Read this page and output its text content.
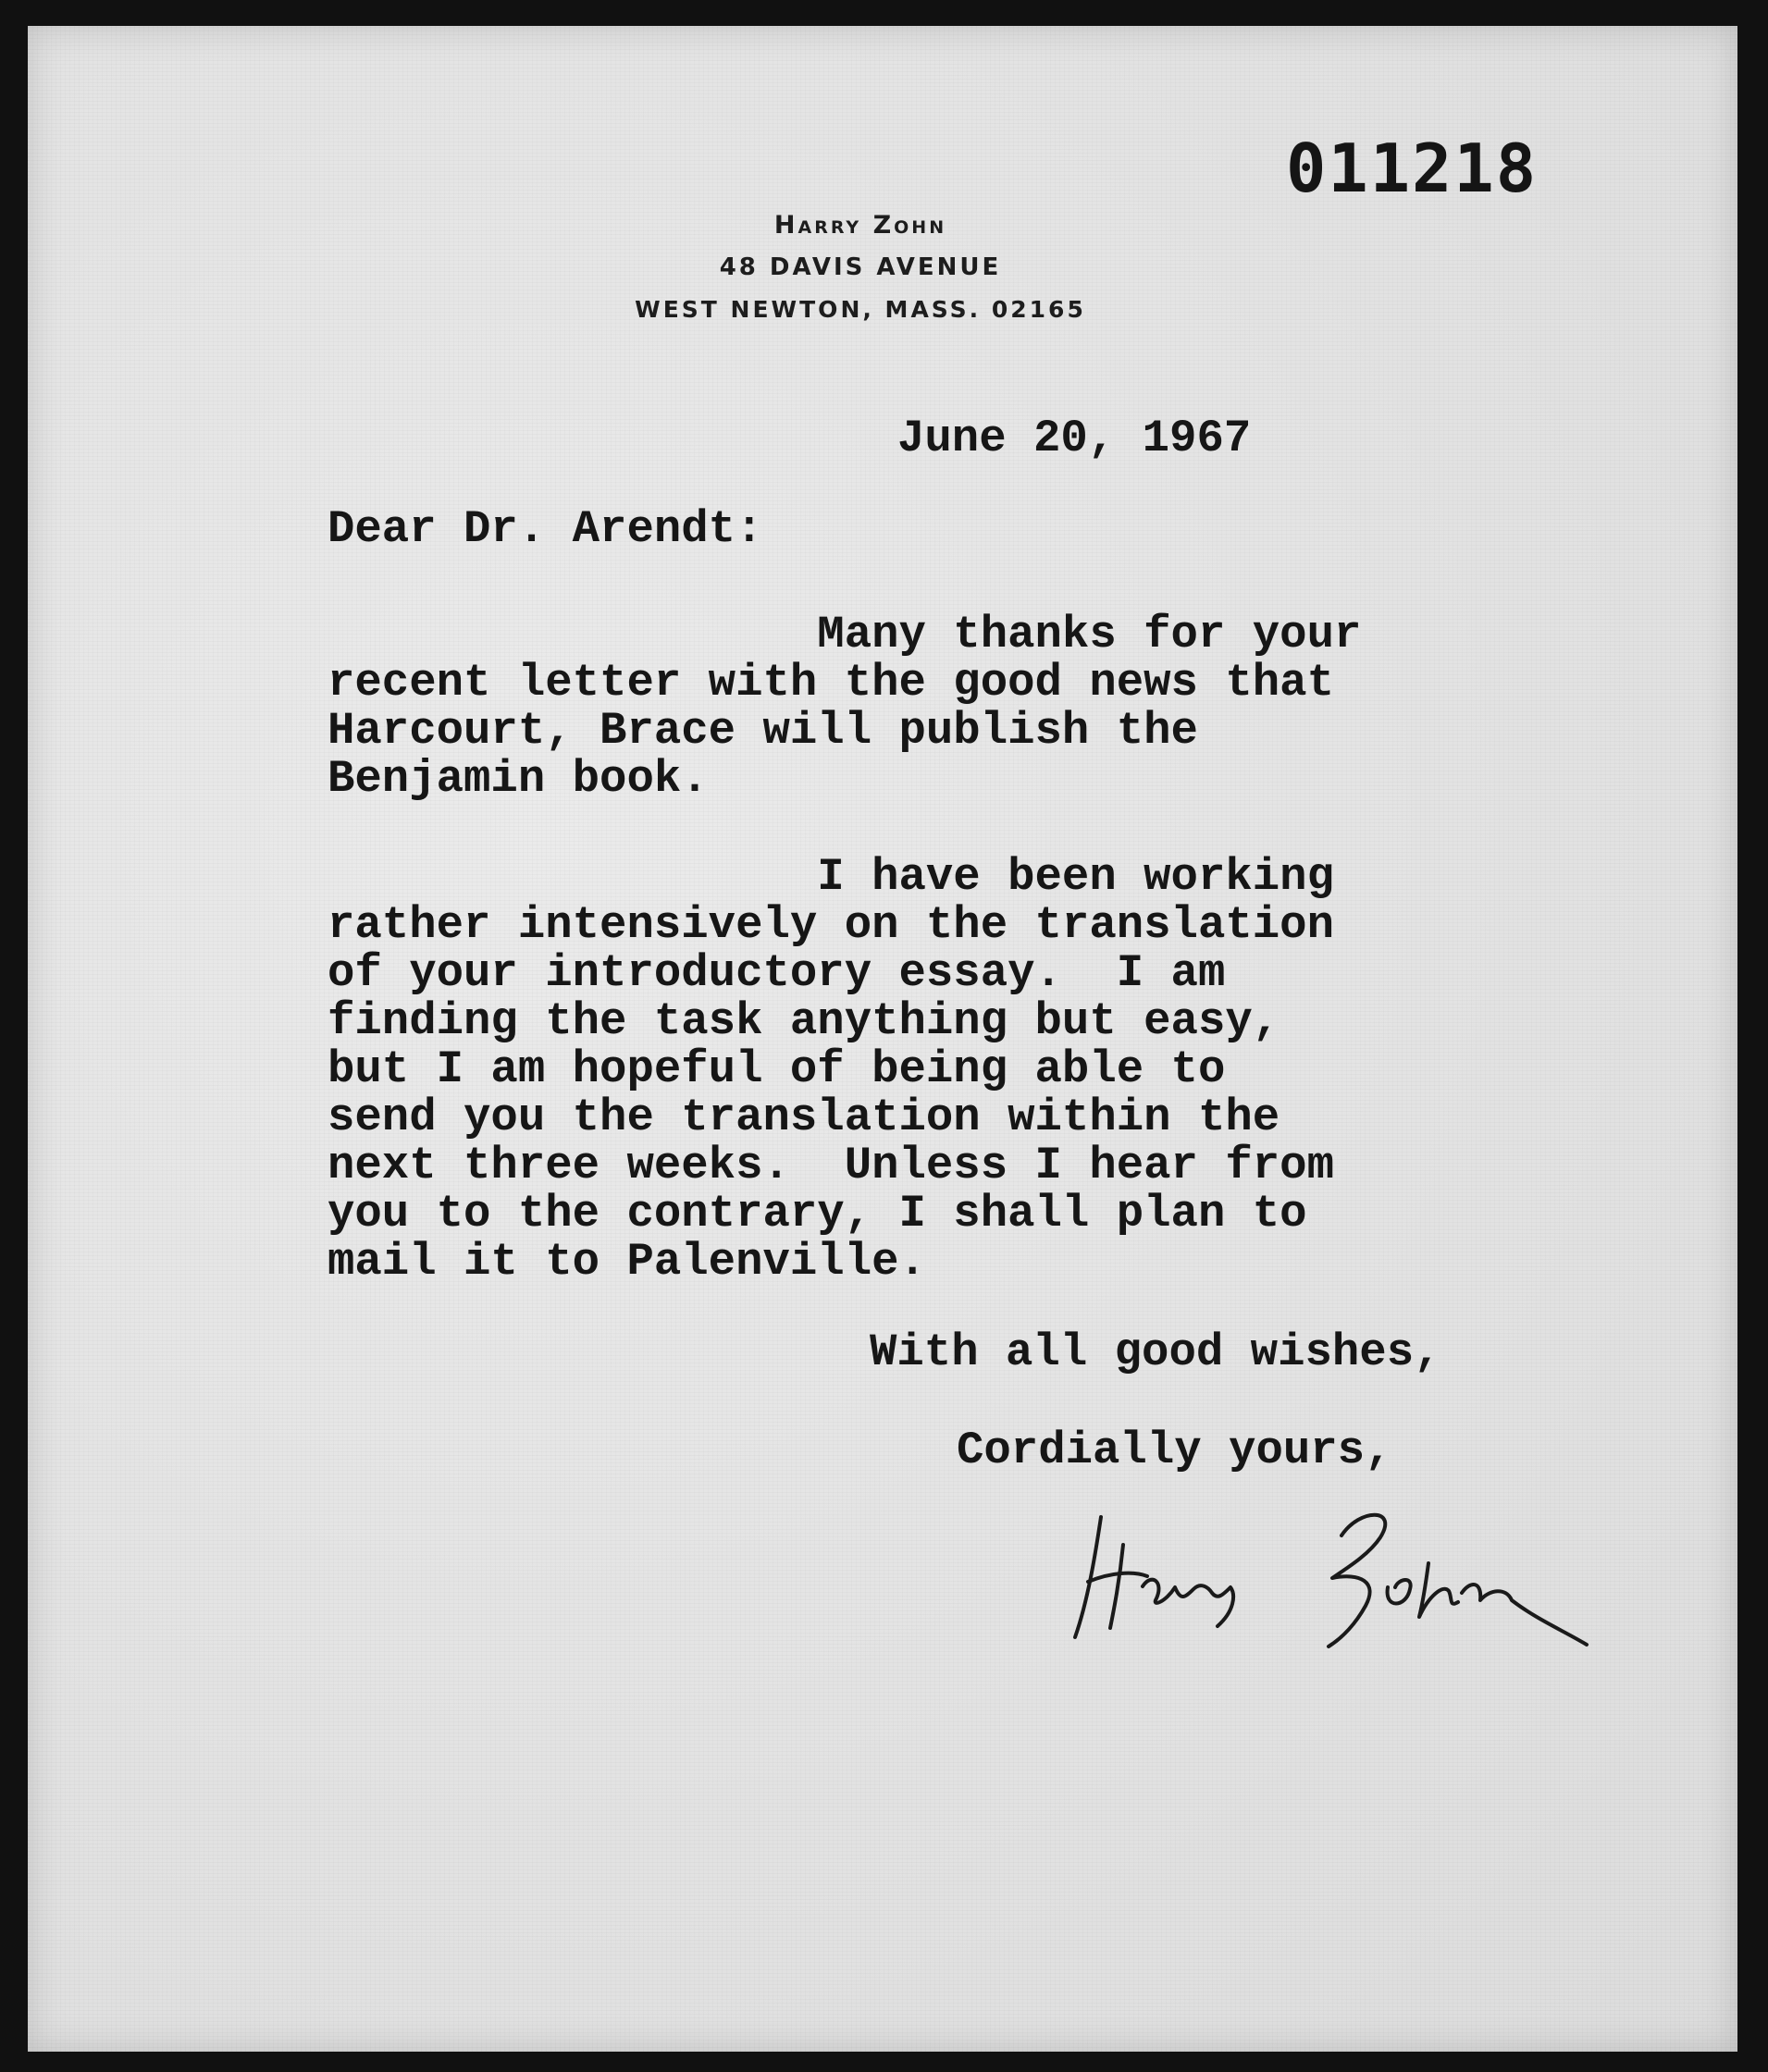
011218
Harry Zohn
48 DAVIS AVENUE
WEST NEWTON, MASS. 02165
June 20, 1967
Dear Dr. Arendt:
Many thanks for your
recent letter with the good news that
Harcourt, Brace will publish the
Benjamin book.
I have been working
rather intensively on the translation
of your introductory essay.  I am
finding the task anything but easy,
but I am hopeful of being able to
send you the translation within the
next three weeks.  Unless I hear from
you to the contrary, I shall plan to
mail it to Palenville.
With all good wishes,
Cordially yours,
